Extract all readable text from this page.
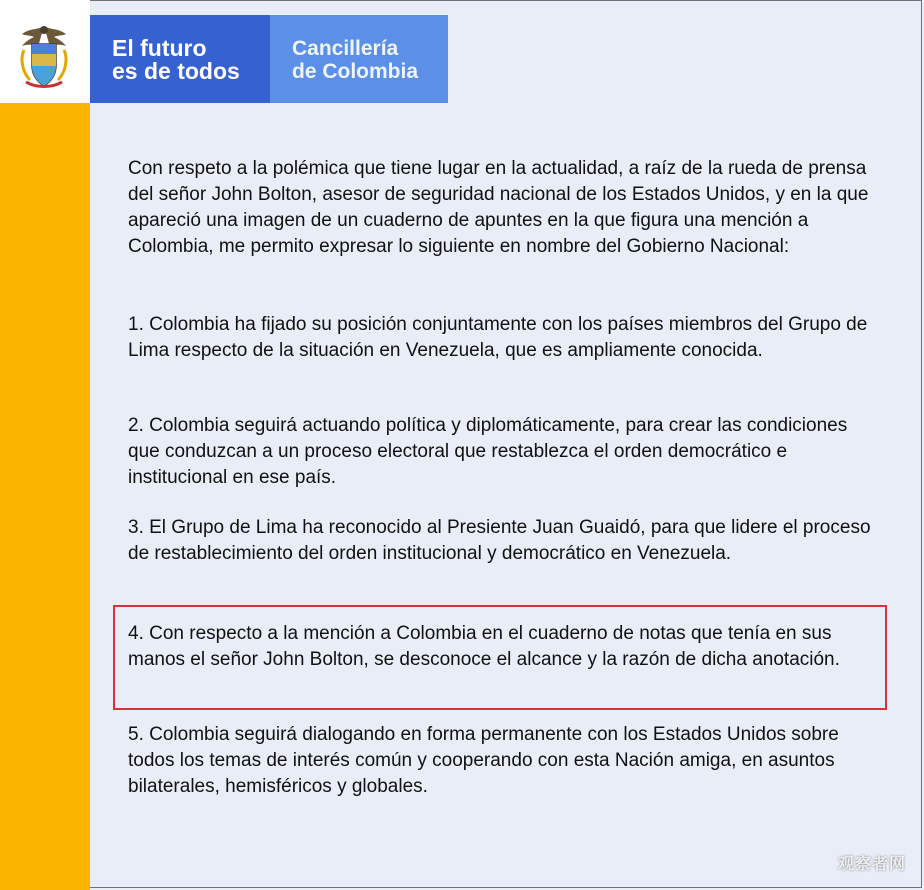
El futuro
es de todos
Cancillería
de Colombia

Con respeto a la polémica que tiene lugar en la actualidad, a raíz de la rueda de prensa del señor John Bolton, asesor de seguridad nacional de los Estados Unidos, y en la que apareció una imagen de un cuaderno de apuntes en la que figura una mención a Colombia, me permito expresar lo siguiente en nombre del Gobierno Nacional:

1. Colombia ha fijado su posición conjuntamente con los países miembros del Grupo de Lima respecto de la situación en Venezuela, que es ampliamente conocida.

2. Colombia seguirá actuando política y diplomáticamente, para crear las condiciones que conduzcan a un proceso electoral que restablezca el orden democrático e institucional en ese país.

3. El Grupo de Lima ha reconocido al Presiente Juan Guaidó, para que lidere el proceso de restablecimiento del orden institucional y democrático en Venezuela.

4. Con respecto a la mención a Colombia en el cuaderno de notas que tenía en sus manos el señor John Bolton, se desconoce el alcance y la razón de dicha anotación.

5. Colombia seguirá dialogando en forma permanente con los Estados Unidos sobre todos los temas de interés común y cooperando con esta Nación amiga, en asuntos bilaterales, hemisféricos y globales.

观察者网
